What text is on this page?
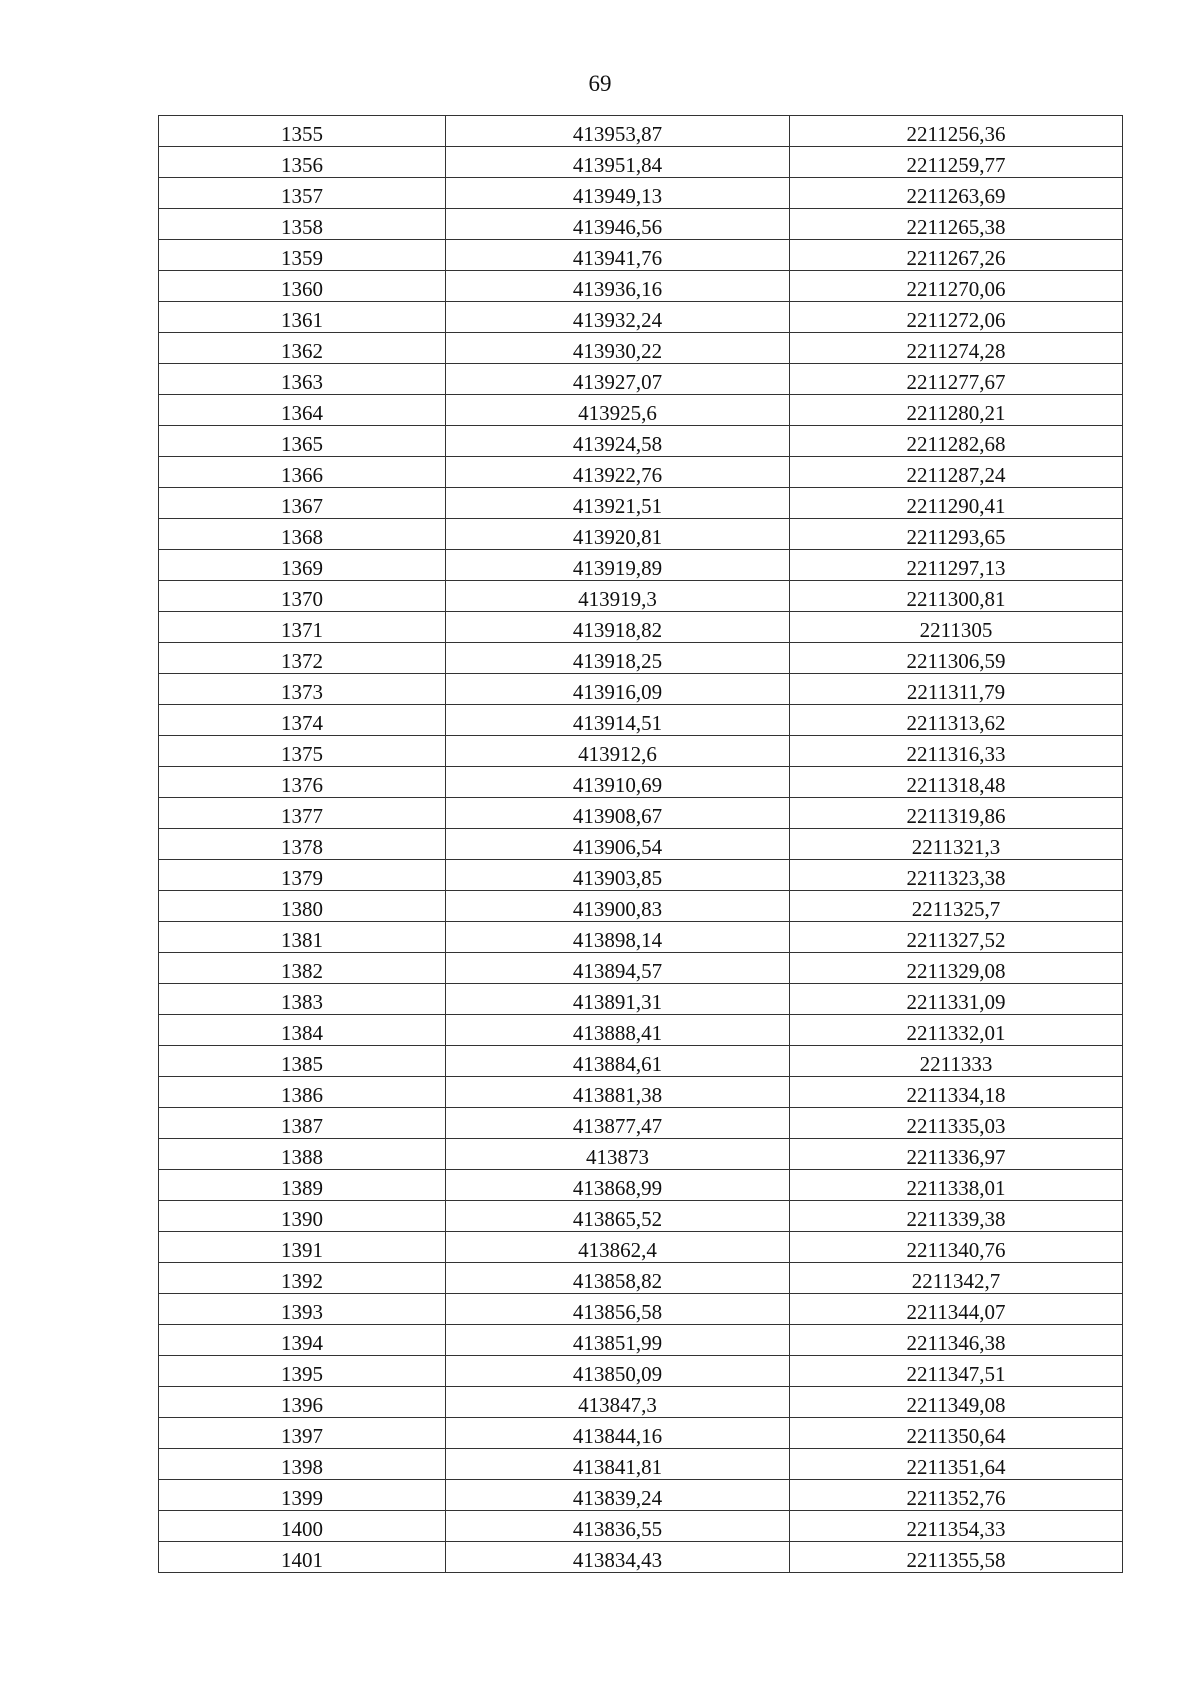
69
1355	413953,87	2211256,36
1356	413951,84	2211259,77
1357	413949,13	2211263,69
1358	413946,56	2211265,38
1359	413941,76	2211267,26
1360	413936,16	2211270,06
1361	413932,24	2211272,06
1362	413930,22	2211274,28
1363	413927,07	2211277,67
1364	413925,6	2211280,21
1365	413924,58	2211282,68
1366	413922,76	2211287,24
1367	413921,51	2211290,41
1368	413920,81	2211293,65
1369	413919,89	2211297,13
1370	413919,3	2211300,81
1371	413918,82	2211305
1372	413918,25	2211306,59
1373	413916,09	2211311,79
1374	413914,51	2211313,62
1375	413912,6	2211316,33
1376	413910,69	2211318,48
1377	413908,67	2211319,86
1378	413906,54	2211321,3
1379	413903,85	2211323,38
1380	413900,83	2211325,7
1381	413898,14	2211327,52
1382	413894,57	2211329,08
1383	413891,31	2211331,09
1384	413888,41	2211332,01
1385	413884,61	2211333
1386	413881,38	2211334,18
1387	413877,47	2211335,03
1388	413873	2211336,97
1389	413868,99	2211338,01
1390	413865,52	2211339,38
1391	413862,4	2211340,76
1392	413858,82	2211342,7
1393	413856,58	2211344,07
1394	413851,99	2211346,38
1395	413850,09	2211347,51
1396	413847,3	2211349,08
1397	413844,16	2211350,64
1398	413841,81	2211351,64
1399	413839,24	2211352,76
1400	413836,55	2211354,33
1401	413834,43	2211355,58
